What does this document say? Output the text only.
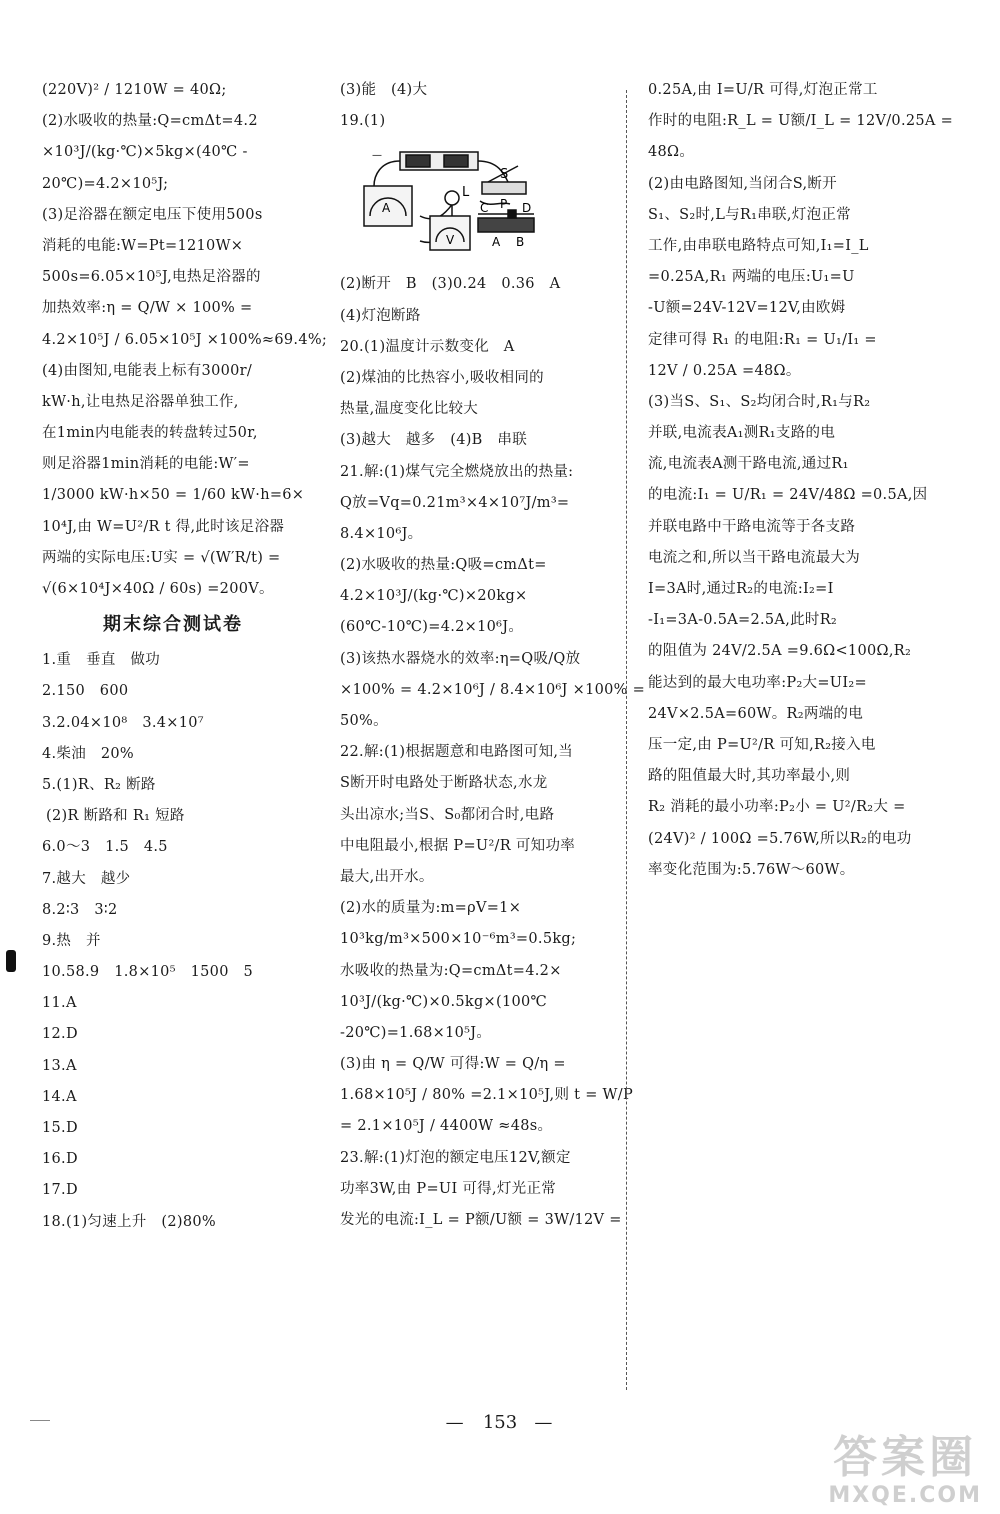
(220V)² / 1210W = 40Ω;
(2)水吸收的热量:Q=cmΔt=4.2
×10³J/(kg·℃)×5kg×(40℃ -
20℃)=4.2×10⁵J;
(3)足浴器在额定电压下使用500s
消耗的电能:W=Pt=1210W×
500s=6.05×10⁵J,电热足浴器的
加热效率:η = Q/W × 100% =
4.2×10⁵J / 6.05×10⁵J ×100%≈69.4%;
(4)由图知,电能表上标有3000r/
kW·h,让电热足浴器单独工作,
在1min内电能表的转盘转过50r,
则足浴器1min消耗的电能:W′=
1/3000 kW·h×50 = 1/60 kW·h=6×
10⁴J,由 W=U²/R t 得,此时该足浴器
两端的实际电压:U实 = √(W′R/t) =
√(6×10⁴J×40Ω / 60s) =200V。
期末综合测试卷
1.重　垂直　做功
2.150　600
3.2.04×10⁸　3.4×10⁷
4.柴油　20%
5.(1)R、R₂ 断路
(2)R 断路和 R₁ 短路
6.0～3　1.5　4.5
7.越大　越少
8.2∶3　3∶2
9.热　并
10.58.9　1.8×10⁵　1500　5
11.A
12.D
13.A
14.A
15.D
16.D
17.D
18.(1)匀速上升　(2)80%
(3)能　(4)大
19.(1)
—
A
V
S
L
C P D
A B
(2)断开　B　(3)0.24　0.36　A
(4)灯泡断路
20.(1)温度计示数变化　A
(2)煤油的比热容小,吸收相同的
热量,温度变化比较大
(3)越大　越多　(4)B　串联
21.解:(1)煤气完全燃烧放出的热量:
Q放=Vq=0.21m³×4×10⁷J/m³=
8.4×10⁶J。
(2)水吸收的热量:Q吸=cmΔt=
4.2×10³J/(kg·℃)×20kg×
(60℃-10℃)=4.2×10⁶J。
(3)该热水器烧水的效率:η=Q吸/Q放
×100% = 4.2×10⁶J / 8.4×10⁶J ×100% =
50%。
22.解:(1)根据题意和电路图可知,当
S断开时电路处于断路状态,水龙
头出凉水;当S、S₀都闭合时,电路
中电阻最小,根据 P=U²/R 可知功率
最大,出开水。
(2)水的质量为:m=ρV=1×
10³kg/m³×500×10⁻⁶m³=0.5kg;
水吸收的热量为:Q=cmΔt=4.2×
10³J/(kg·℃)×0.5kg×(100℃
-20℃)=1.68×10⁵J。
(3)由 η = Q/W 可得:W = Q/η =
1.68×10⁵J / 80% =2.1×10⁵J,则 t = W/P
= 2.1×10⁵J / 4400W ≈48s。
23.解:(1)灯泡的额定电压12V,额定
功率3W,由 P=UI 可得,灯光正常
发光的电流:I_L = P额/U额 = 3W/12V =
0.25A,由 I=U/R 可得,灯泡正常工
作时的电阻:R_L = U额/I_L = 12V/0.25A =
48Ω。
(2)由电路图知,当闭合S,断开
S₁、S₂时,L与R₁串联,灯泡正常
工作,由串联电路特点可知,I₁=I_L
=0.25A,R₁ 两端的电压:U₁=U
-U额=24V-12V=12V,由欧姆
定律可得 R₁ 的电阻:R₁ = U₁/I₁ =
12V / 0.25A =48Ω。
(3)当S、S₁、S₂均闭合时,R₁与R₂
并联,电流表A₁测R₁支路的电
流,电流表A测干路电流,通过R₁
的电流:I₁ = U/R₁ = 24V/48Ω =0.5A,因
并联电路中干路电流等于各支路
电流之和,所以当干路电流最大为
I=3A时,通过R₂的电流:I₂=I
-I₁=3A-0.5A=2.5A,此时R₂
的阻值为 24V/2.5A =9.6Ω<100Ω,R₂
能达到的最大电功率:P₂大=UI₂=
24V×2.5A=60W。R₂两端的电
压一定,由 P=U²/R 可知,R₂接入电
路的阻值最大时,其功率最小,则
R₂ 消耗的最小功率:P₂小 = U²/R₂大 =
(24V)² / 100Ω =5.76W,所以R₂的电功
率变化范围为:5.76W～60W。
— 153 —
答案圈
MXQE.COM
